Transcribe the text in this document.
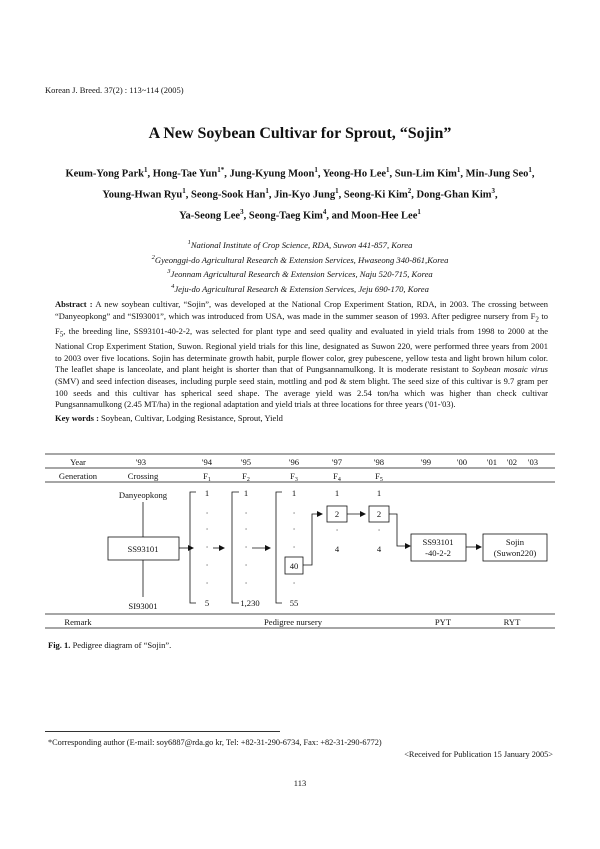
Korean J. Breed. 37(2) : 113~114 (2005)
A New Soybean Cultivar for Sprout, “Sojin”
Keum-Yong Park$^1$, Hong-Tae Yun$^{1*}$, Jung-Kyung Moon$^1$, Yeong-Ho Lee$^1$, Sun-Lim Kim$^1$, Min-Jung Seo$^1$,
Young-Hwan Ryu$^1$, Seong-Sook Han$^1$, Jin-Kyo Jung$^1$, Seong-Ki Kim$^2$, Dong-Ghan Kim$^3$,
Ya-Seong Lee$^3$, Seong-Taeg Kim$^4$, and Moon-Hee Lee$^1$
$^1$National Institute of Crop Science, RDA, Suwon 441-857, Korea
$^2$Gyeonggi-do Agricultural Research & Extension Services, Hwaseong 340-861,Korea
$^3$Jeonnam Agricultural Research & Extension Services, Naju 520-715, Korea
$^4$Jeju-do Agricultural Research & Extension Services, Jeju 690-170, Korea
Abstract : A new soybean cultivar, “Sojin”, was developed at the National Crop Experiment Station, RDA, in 2003. The crossing between “Danyeopkong” and “SI93001”, which was introduced from USA, was made in the summer season of 1993. After pedigree nursery from $F_2$ to $F_5$, the breeding line, SS93101-40-2-2, was selected for plant type and seed quality and evaluated in yield trials from 1998 to 2000 at the National Crop Experiment Station, Suwon. Regional yield trials for this line, designated as Suwon 220, were performed three years from 2001 to 2003 over five locations. Sojin has determinate growth habit, purple flower color, grey pubescene, yellow testa and light brown hilum color. The leaflet shape is lanceolate, and plant height is shorter than that of Pungsannamulkong. It is moderate resistant to Soybean mosaic virus (SMV) and seed infection diseases, including purple seed stain, mottling and pod & stem blight. The seed size of this cultivar is 9.7 gram per 100 seeds and this cultivar has spherical seed shape. The average yield was 2.54 ton/ha which was higher than check cultivar Pungsannamulkong (2.45 MT/ha) in the regional adaptation and yield trials at three locations for three years ('01-'03).
Key words : Soybean, Cultivar, Lodging Resistance, Sprout, Yield
Year	'93	'94	'95	'96	'97	'98	'99	'00 '01 '02 '03
Generation	Crossing	$F_1$	$F_2$	$F_3$	$F_4$	$F_5$
Danyeopkong
SS93101
SI93001
1
·
·
·
·
·
5
1
·
·
·
·
·
1,230
1
·
·
·
40
·
55
1
2
·
4
1
2
·
4
SS93101
-40-2-2
Sojin
(Suwon220)
Remark	Pedigree nursery	PYT	RYT
Fig. 1. Pedigree diagram of “Sojin”.
*Corresponding author (E-mail: soy6887@rda.go kr, Tel: +82-31-290-6734, Fax: +82-31-290-6772)
<Received for Publication 15 January 2005>
113
